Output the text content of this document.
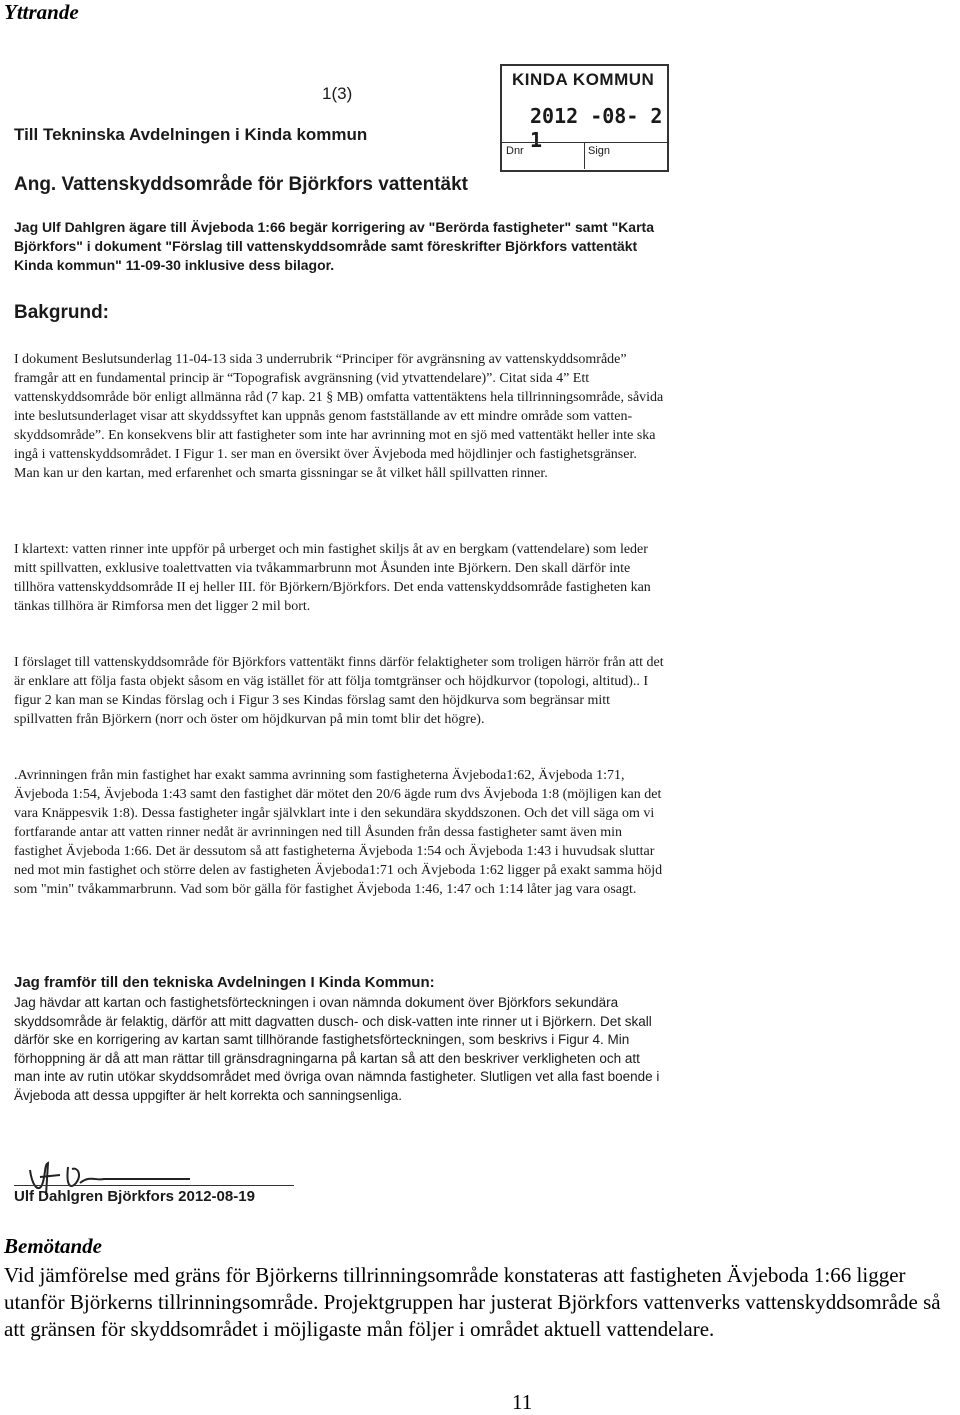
Yttrande
1(3)
KINDA KOMMUN
2012 -08- 2 1
Dnr	Sign
Till Tekninska Avdelningen i Kinda kommun
Ang. Vattenskyddsområde för Björkfors vattentäkt
Jag Ulf Dahlgren ägare till Ävjeboda 1:66 begär korrigering av "Berörda fastigheter" samt "Karta Björkfors" i dokument "Förslag till vattenskyddsområde samt föreskrifter Björkfors vattentäkt Kinda kommun" 11-09-30 inklusive dess bilagor.
Bakgrund:
I dokument Beslutsunderlag 11-04-13 sida 3 underrubrik “Principer för avgränsning av vattenskyddsområde” framgår att en fundamental princip är “Topografisk avgränsning (vid ytvattendelare)”. Citat sida 4” Ett vattenskyddsområde bör enligt allmänna råd (7 kap. 21 § MB) omfatta vattentäktens hela tillrinningsområde, såvida inte beslutsunderlaget visar att skyddssyftet kan uppnås genom fastställande av ett mindre område som vatten-skyddsområde”. En konsekvens blir att fastigheter som inte har avrinning mot en sjö med vattentäkt heller inte ska ingå i vattenskyddsområdet. I Figur 1. ser man en översikt över Ävjeboda med höjdlinjer och fastighetsgränser. Man kan ur den kartan, med erfarenhet och smarta gissningar se åt vilket håll spillvatten rinner.
I klartext: vatten rinner inte uppför på urberget och min fastighet skiljs åt av en bergkam (vattendelare) som leder mitt spillvatten, exklusive toalettvatten via tvåkammarbrunn mot Åsunden inte Björkern. Den skall därför inte tillhöra vattenskyddsområde II ej heller III. för Björkern/Björkfors. Det enda vattenskyddsområde fastigheten kan tänkas tillhöra är Rimforsa men det ligger 2 mil bort.
I förslaget till vattenskyddsområde för Björkfors vattentäkt finns därför felaktigheter som troligen härrör från att det är enklare att följa fasta objekt såsom en väg istället för att följa tomtgränser och höjdkurvor (topologi, altitud).. I figur 2 kan man se Kindas förslag och i Figur 3 ses Kindas förslag samt den höjdkurva som begränsar mitt spillvatten från Björkern (norr och öster om höjdkurvan på min tomt blir det högre).
.Avrinningen från min fastighet har exakt samma avrinning som fastigheterna Ävjeboda1:62, Ävjeboda 1:71, Ävjeboda 1:54, Ävjeboda 1:43 samt den fastighet där mötet den 20/6 ägde rum dvs Ävjeboda 1:8 (möjligen kan det vara Knäppesvik 1:8). Dessa fastigheter ingår självklart inte i den sekundära skyddszonen. Och det vill säga om vi fortfarande antar att vatten rinner nedåt är avrinningen ned till Åsunden från dessa fastigheter samt även min fastighet Ävjeboda 1:66. Det är dessutom så att fastigheterna Ävjeboda 1:54 och Ävjeboda 1:43 i huvudsak sluttar ned mot min fastighet och större delen av fastigheten Ävjeboda1:71 och Ävjeboda 1:62 ligger på exakt samma höjd som "min" tvåkammarbrunn. Vad som bör gälla för fastighet Ävjeboda 1:46, 1:47 och 1:14 låter jag vara osagt.
Jag framför till den tekniska Avdelningen I Kinda Kommun:
Jag hävdar att kartan och fastighetsförteckningen i ovan nämnda dokument över Björkfors sekundära skyddsområde är felaktig, därför att mitt dagvatten dusch- och disk-vatten inte rinner ut i Björkern. Det skall därför ske en korrigering av kartan samt tillhörande fastighetsförteckningen, som beskrivs i Figur 4. Min förhoppning är då att man rättar till gränsdragningarna på kartan så att den beskriver verkligheten och att man inte av rutin utökar skyddsområdet med övriga ovan nämnda fastigheter. Slutligen vet alla fast boende i Ävjeboda att dessa uppgifter är helt korrekta och sanningsenliga.
Ulf Dahlgren Björkfors 2012-08-19
Bemötande
Vid jämförelse med gräns för Björkerns tillrinningsområde konstateras att fastigheten Ävjeboda 1:66 ligger utanför Björkerns tillrinningsområde. Projektgruppen har justerat Björkfors vattenverks vattenskyddsområde så att gränsen för skyddsområdet i möjligaste mån följer i området aktuell vattendelare.
11
